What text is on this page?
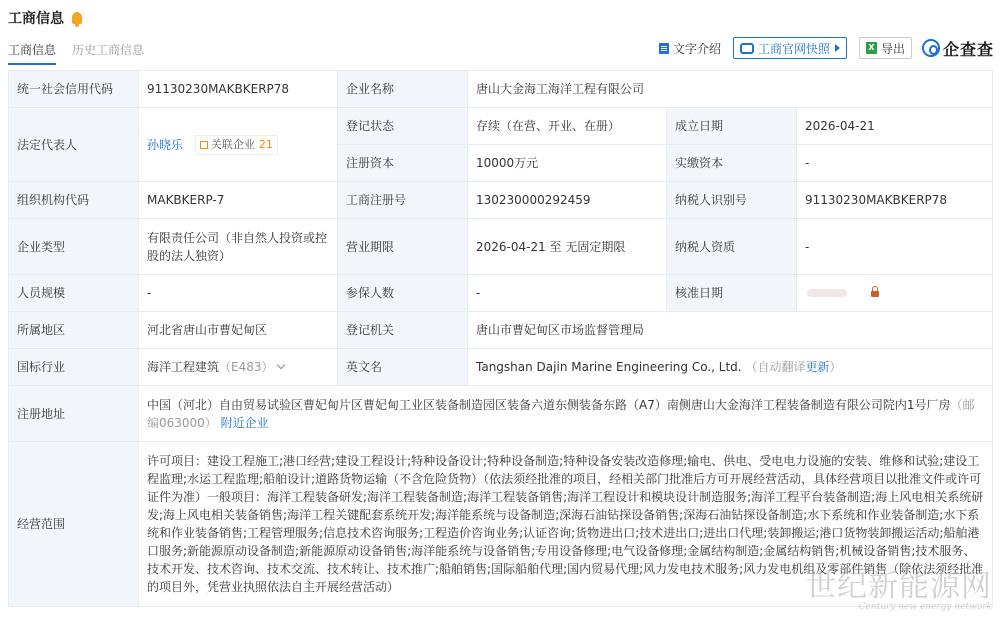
工商信息
工商信息 历史工商信息	文字介绍	工商官网快照	X 导出 企查查
统一社会信用代码	91130230MAKBKERP78	企业名称	唐山大金海工海洋工程有限公司		
法定代表人	孙晓乐 关联企业 21	登记状态	存续（在营、开业、在册）	成立日期	2026-04-21
		注册资本	10000万元	实缴资本	-
组织机构代码	MAKBKERP-7	工商注册号	130230000292459	纳税人识别号	91130230MAKBKERP78
企业类型	有限责任公司（非自然人投资或控股的法人独资）	营业期限	2026-04-21 至 无固定期限	纳税人资质	-
人员规模	-	参保人数	-	核准日期	
所属地区	河北省唐山市曹妃甸区	登记机关	唐山市曹妃甸区市场监督管理局		
国标行业	海洋工程建筑（E483）	英文名	Tangshan Dajin Marine Engineering Co., Ltd. （自动翻译更新）		
注册地址	中国（河北）自由贸易试验区曹妃甸片区曹妃甸工业区装备制造园区装备六道东侧装备东路（A7）南侧唐山大金海洋工程装备制造有限公司院内1号厂房（邮编063000） 附近企业				
经营范围	许可项目：建设工程施工;港口经营;建设工程设计;特种设备设计;特种设备制造;特种设备安装改造修理;输电、供电、受电电力设施的安装、维修和试验;建设工程监理;水运工程监理;船舶设计;道路货物运输（不含危险货物）（依法须经批准的项目，经相关部门批准后方可开展经营活动，具体经营项目以批准文件或许可证件为准）一般项目：海洋工程装备研发;海洋工程装备制造;海洋工程装备销售;海洋工程设计和模块设计制造服务;海洋工程平台装备制造;海上风电相关系统研发;海上风电相关装备销售;海洋工程关键配套系统开发;海洋能系统与设备制造;深海石油钻探设备销售;深海石油钻探设备制造;水下系统和作业装备制造;水下系统和作业装备销售;工程管理服务;信息技术咨询服务;工程造价咨询业务;认证咨询;货物进出口;技术进出口;进出口代理;装卸搬运;港口货物装卸搬运活动;船舶港口服务;新能源原动设备制造;新能源原动设备销售;海洋能系统与设备销售;专用设备修理;电气设备修理;金属结构制造;金属结构销售;机械设备销售;技术服务、技术开发、技术咨询、技术交流、技术转让、技术推广;船舶销售;国际船舶代理;国内贸易代理;风力发电技术服务;风力发电机组及零部件销售（除依法须经批准的项目外，凭营业执照依法自主开展经营活动）					世纪新能源网
Century new energy network
